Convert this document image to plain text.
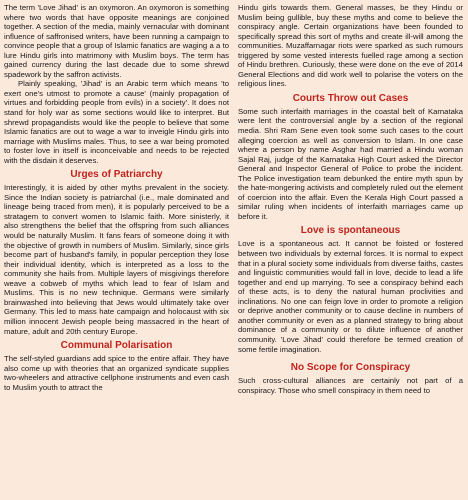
The term 'Love Jihad' is an oxymoron. An oxymoron is something where two words that have opposite meanings are conjoined together. A section of the media, mainly vernacular with dominant influence of saffronised writers, have been running a campaign to convince people that a group of Islamic fanatics are waging a a to lure Hindu girls into matrimony with Muslim boys. The term has gained currency during the last decade due to some shrewd spadework by the saffron activists.

Plainly speaking, 'Jihad' is an Arabic term which means 'to exert one's utmost to promote a cause' (mainly propagation of virtues and forbidding people from evils) in a society'. It does not stand for holy war as some sections would like to interpret. But shrewd propagandists would like the people to believe that some Islamic fanatics are out to wage a war to inveigle Hindu girls into marriage with Muslims males. Thus, to see a war being promoted to foster love in itself is inconceivable and needs to be rejected with the disdain it deserves.

Urges of Patriarchy

Interestingly, it is aided by other myths prevalent in the society. Since the Indian society is patriarchal (i.e., male dominated and lineage being traced from men), it is popularly perceived to be a stratagem to convert women to Islamic faith. More sinisterly, it also strengthens the belief that the offspring from such alliances would be naturally Muslim. It fans fears of someone doing it with the objective of growth in numbers of Muslim. Similarly, since girls become part of husband's family, in popular perception they lose their individual identity, which is interpreted as a loss to the community she hails from. Multiple layers of misgivings therefore weave a cobweb of myths which lead to fear of Islam and Muslims. This is no new technique. Germans were similarly brainwashed into believing that Jews would ultimately take over Germany. This led to mass hate campaign and holocaust with six million innocent Jewish people being massacred in the heart of mature, adult and 20th century Europe.

Communal Polarisation

The self-styled guardians add spice to the entire affair. They have also come up with theories that an organized syndicate supplies two-wheelers and attractive cellphone instruments and even cash to Muslim youth to attract the

Hindu girls towards them. General masses, be they Hindu or Muslim being gullible, buy these myths and come to believe the conspiracy angle. Certain organizations have been founded to specifically spread this sort of myths and create ill-will among the communities. Muzaffarnagar riots were sparked as such rumours triggered by some vested interests fuelled rage among a section of Hindu brethren. Curiously, these were done on the eve of 2014 General Elections and did work well to polarise the voters on the religious lines.

Courts Throw out Cases

Some such interfaith marriages in the coastal belt of Karnataka were lent the controversial angle by a section of the regional media. Shri Ram Sene even took some such cases to the court alleging coercion as well as conversion to Islam. In one case where a person by name Asghar had married a Hindu woman Sajal Raj, judge of the Karnataka High Court asked the Director General and Inspector General of Police to probe the incident. The Police investigation team debunked the entire myth spun by the hate-mongering activists and completely ruled out the element of coercion into the affair. Even the Kerala High Court passed a similar ruling when incidents of interfaith marriages came up before it.

Love is spontaneous

Love is a spontaneous act. It cannot be foisted or fostered between two individuals by external forces. It is normal to expect that in a plural society some individuals from diverse faiths, castes and linguistic communities would fall in love, decide to lead a life together and end up marrying. To see a conspiracy behind each of these acts, is to deny the natural human proclivities and inclinations. No one can feign love in order to promote a religion or deprive another community or to cause decline in numbers of another community or even as a planned strategy to bring about dominance of a community or to dilute influence of another community. 'Love Jihad' could therefore be termed creation of some fertile imagination.

No Scope for Conspiracy

Such cross-cultural alliances are certainly not part of a conspiracy. Those who smell conspiracy in them need to
